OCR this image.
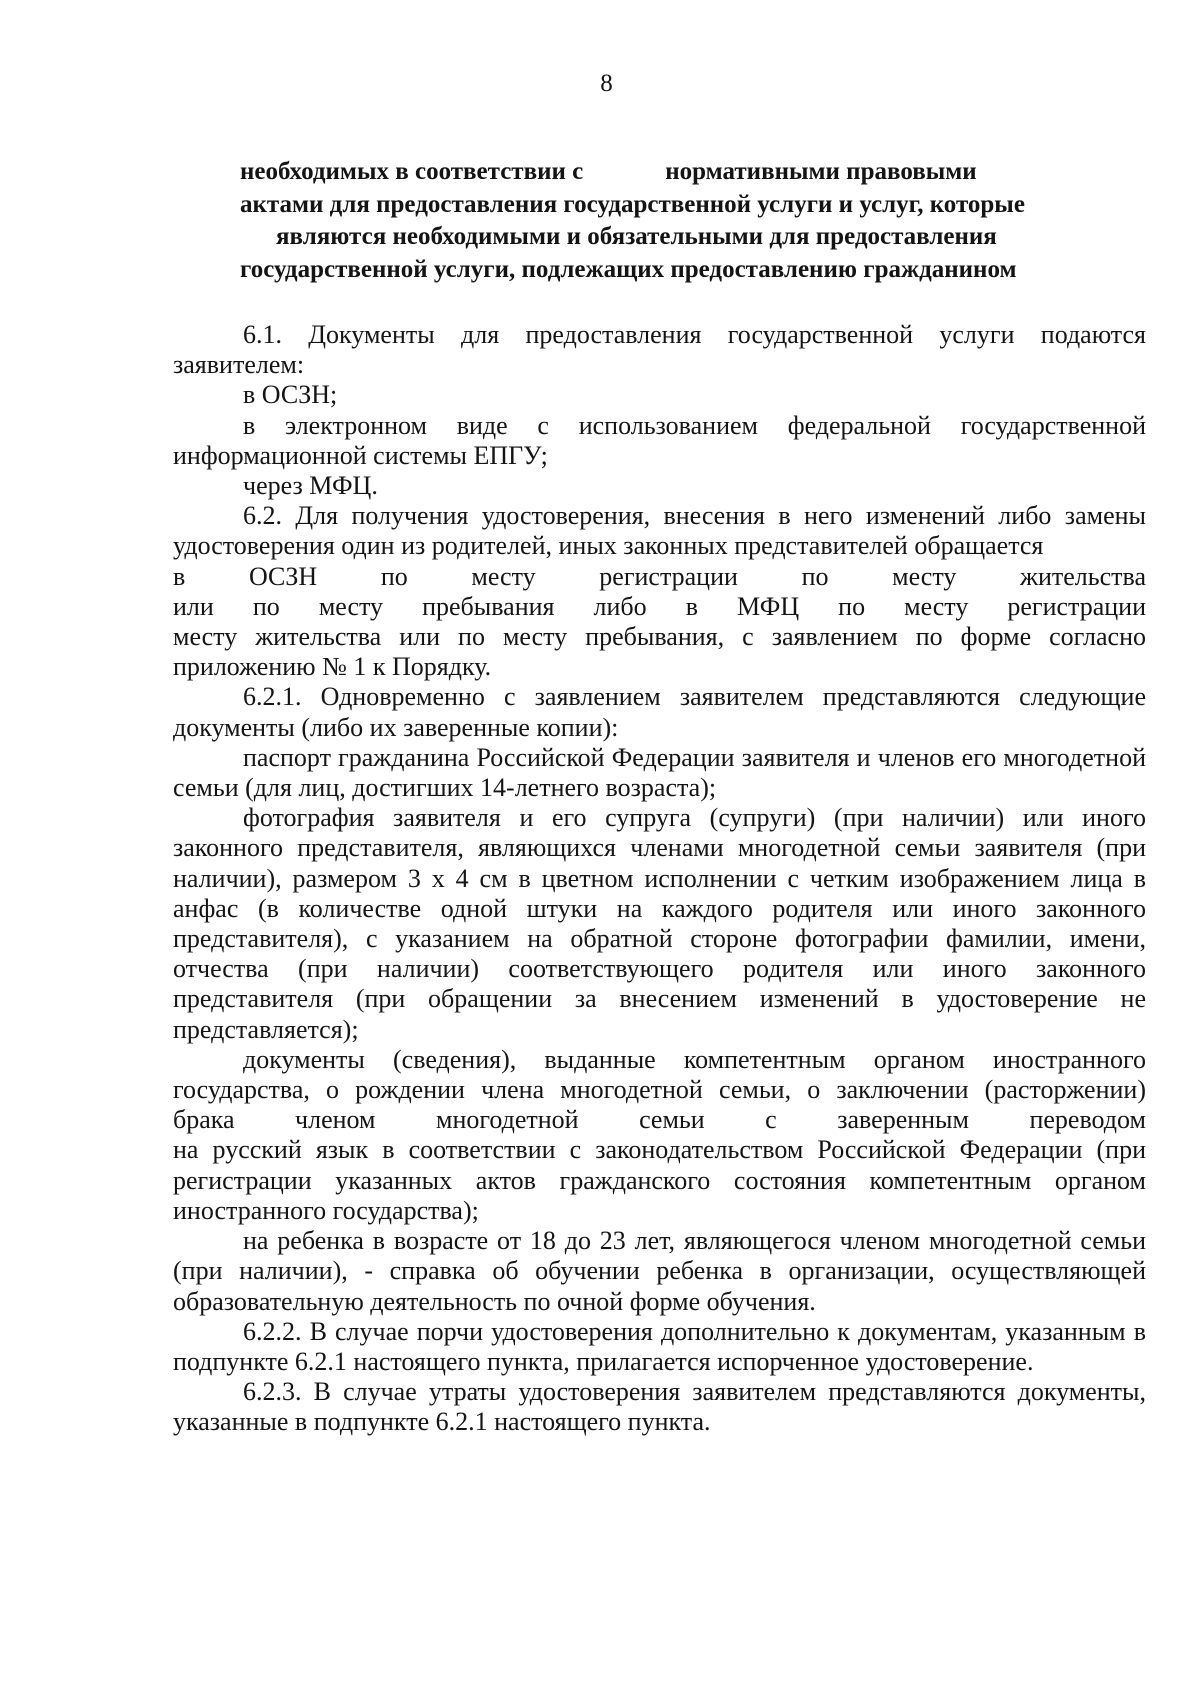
8
необходимых в соответствии с	нормативными правовыми
актами для предоставления государственной услуги и услуг, которые
являются необходимыми и обязательными для предоставления
государственной услуги, подлежащих предоставлению гражданином

6.1. Документы для предоставления государственной услуги подаются заявителем:

в ОСЗН;

в электронном виде с использованием федеральной государственной информационной системы ЕПГУ;

через МФЦ.

6.2. Для получения удостоверения, внесения в него изменений либо замены удостоверения один из родителей, иных законных представителей обращается

в ОСЗН по месту регистрации по месту жительства
или по месту пребывания либо в МФЦ по месту регистрации

месту жительства или по месту пребывания, с заявлением по форме согласно приложению № 1 к Порядку.

6.2.1. Одновременно с заявлением заявителем представляются следующие документы (либо их заверенные копии):

паспорт гражданина Российской Федерации заявителя и членов его многодетной семьи (для лиц, достигших 14-летнего возраста);

фотография заявителя и его супруга (супруги) (при наличии) или иного законного представителя, являющихся членами многодетной семьи заявителя (при наличии), размером 3 х 4 см в цветном исполнении с четким изображением лица в анфас (в количестве одной штуки на каждого родителя или иного законного представителя), с указанием на обратной стороне фотографии фамилии, имени, отчества (при наличии) соответствующего родителя или иного законного представителя (при обращении за внесением изменений в удостоверение не представляется);

документы (сведения), выданные компетентным органом иностранного государства, о рождении члена многодетной семьи, о заключении (расторжении)

брака членом многодетной семьи с заверенным переводом

на русский язык в соответствии с законодательством Российской Федерации (при регистрации указанных актов гражданского состояния компетентным органом иностранного государства);

на ребенка в возрасте от 18 до 23 лет, являющегося членом многодетной семьи (при наличии), - справка об обучении ребенка в организации, осуществляющей образовательную деятельность по очной форме обучения.

6.2.2. В случае порчи удостоверения дополнительно к документам, указанным в подпункте 6.2.1 настоящего пункта, прилагается испорченное удостоверение.

6.2.3. В случае утраты удостоверения заявителем представляются документы, указанные в подпункте 6.2.1 настоящего пункта.
